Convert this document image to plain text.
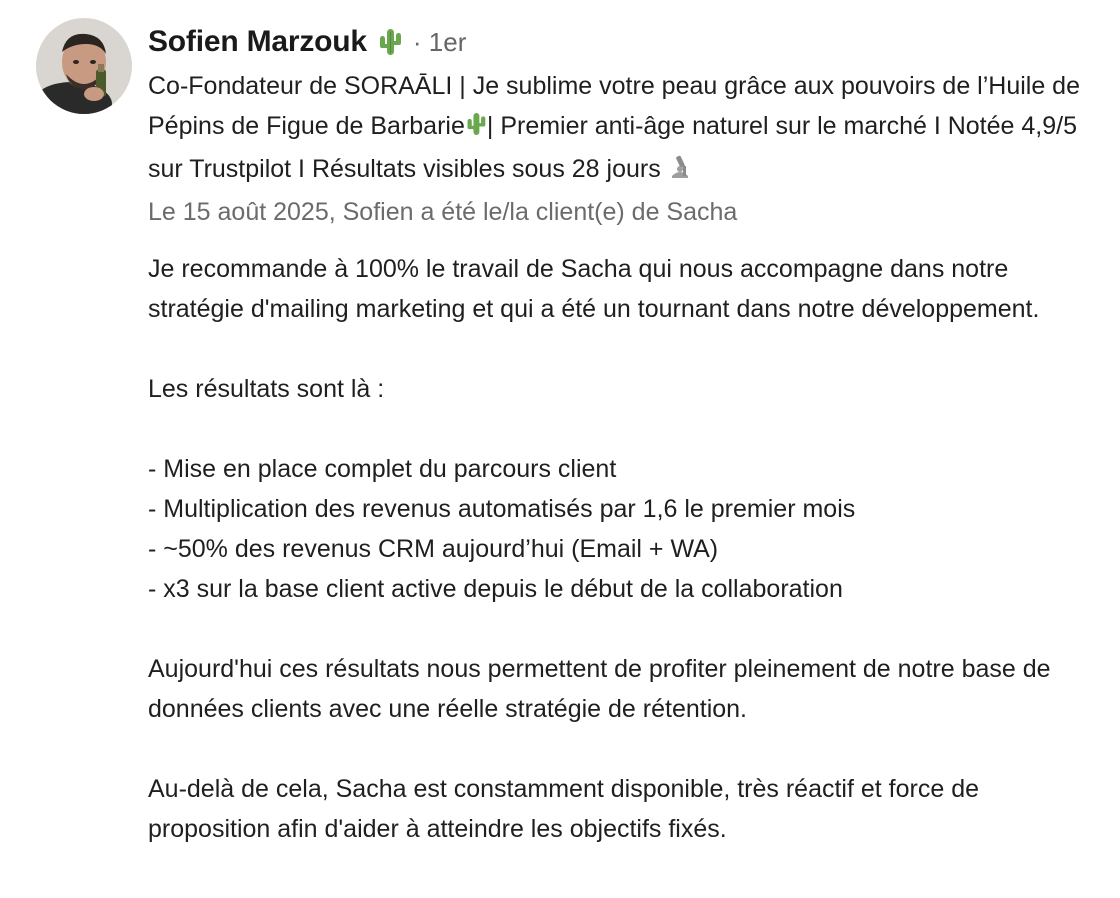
Sofien Marzouk · 1er
Co-Fondateur de SORAĀLI | Je sublime votre peau grâce aux pouvoirs de l’Huile de Pépins de Figue de Barbarie | Premier anti-âge naturel sur le marché I Notée 4,9/5 sur Trustpilot I Résultats visibles sous 28 jours
Le 15 août 2025, Sofien a été le/la client(e) de Sacha

Je recommande à 100% le travail de Sacha qui nous accompagne dans notre stratégie d'mailing marketing et qui a été un tournant dans notre développement.

Les résultats sont là :

- Mise en place complet du parcours client

- Multiplication des revenus automatisés par 1,6 le premier mois

- ~50% des revenus CRM aujourd’hui (Email + WA)

- x3 sur la base client active depuis le début de la collaboration

Aujourd'hui ces résultats nous permettent de profiter pleinement de notre base de données clients avec une réelle stratégie de rétention.

Au-delà de cela, Sacha est constamment disponible, très réactif et force de proposition afin d'aider à atteindre les objectifs fixés.
